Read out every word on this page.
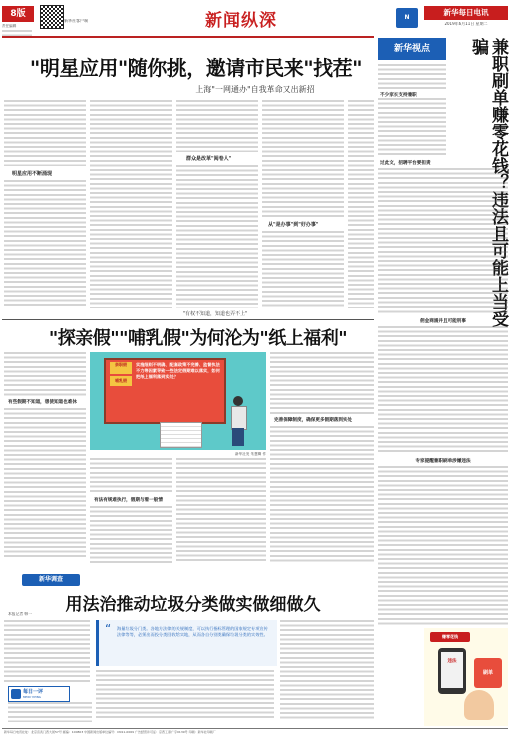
8版
责任编辑
新华社客户端	新闻纵深	N
新华每日电讯
2019年6月11日 星期二
"明星应用"随你挑，邀请市民来"找茬"
上海"一网通办"自我革命又出新招
明星应用不断涌现
群众是改革"阅卷人"
从"是办事"到"好办事"
"有权不知道，知道也弄不上"
"探亲假""哺乳假"为何沦为"纸上福利"
有些假期不知道，想使知道也难休
亲职假
哺乳假
实施细则不明确、配套政策不完善、监督执法不力等因素导致一些法定假期难以落实，如何把纸上福利落到实处？
新华社发 朱慧卿 作
有法有规难执行，假期与看一般情
完善保障制度，确保更多假期落到实处
新华调查
用法治推动垃圾分类做实做细做久
本报记者 韩一
“ 海量垃圾分门类。各地方法律的关规制度，可以执行指标管理的国家规定专项宣传法律等等，必须出而投分类回收给实地，从而各自分别类确保垃圾分类的实效性。
每日一评
MEIRI YIPING
新华视点	兼职刷单赚零花钱？违法且可能上当受骗
不少家长支持兼职
过此文，招聘平台要担责
佣金商涌并且可能刑事
专家提醒兼职刷单涉嫌违法
赚零花钱
违法
刷单
新华每日电讯社址：北京宣武门西大街57号 邮编：100803 中国新闻出版单位编号：CN11-0069 广告经营许可证：京西工商广字0139号 印刷：新华社印刷厂
